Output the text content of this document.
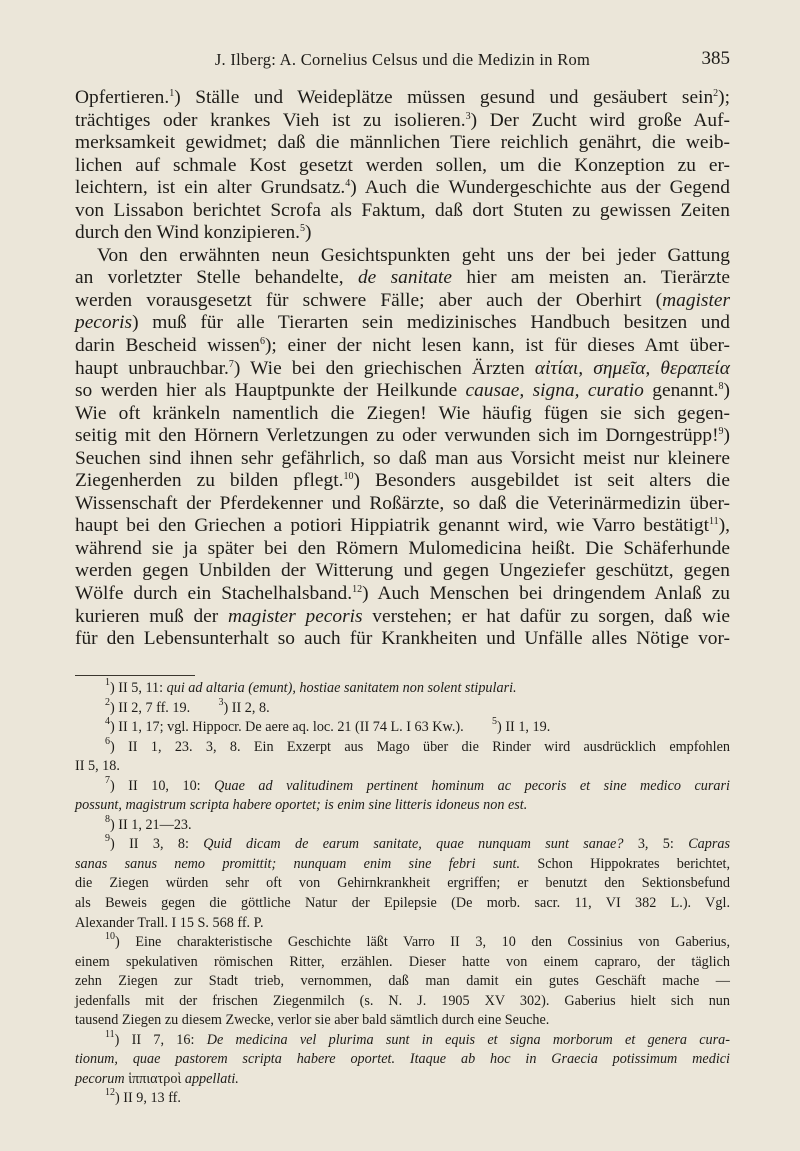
J. Ilberg: A. Cornelius Celsus und die Medizin in Rom	385
Opfertieren.$^1$) Ställe und Weideplätze müssen gesund und gesäubert sein$^2$);
trächtiges oder krankes Vieh ist zu isolieren.$^3$) Der Zucht wird große Auf-
merksamkeit gewidmet; daß die männlichen Tiere reichlich genährt, die weib-
lichen auf schmale Kost gesetzt werden sollen, um die Konzeption zu er-
leichtern, ist ein alter Grundsatz.$^4$) Auch die Wundergeschichte aus der Gegend
von Lissabon berichtet Scrofa als Faktum, daß dort Stuten zu gewissen Zeiten
durch den Wind konzipieren.$^5$)
Von den erwähnten neun Gesichtspunkten geht uns der bei jeder Gattung
an vorletzter Stelle behandelte, de sanitate hier am meisten an. Tierärzte
werden vorausgesetzt für schwere Fälle; aber auch der Oberhirt (magister
pecoris) muß für alle Tierarten sein medizinisches Handbuch besitzen und
darin Bescheid wissen$^6$); einer der nicht lesen kann, ist für dieses Amt über-
haupt unbrauchbar.$^7$) Wie bei den griechischen Ärzten αἰτίαι, σημεῖα, θεραπεία
so werden hier als Hauptpunkte der Heilkunde causae, signa, curatio genannt.$^8$)
Wie oft kränkeln namentlich die Ziegen! Wie häufig fügen sie sich gegen-
seitig mit den Hörnern Verletzungen zu oder verwunden sich im Dorngestrüpp!$^9$)
Seuchen sind ihnen sehr gefährlich, so daß man aus Vorsicht meist nur kleinere
Ziegenherden zu bilden pflegt.$^{10}$) Besonders ausgebildet ist seit alters die
Wissenschaft der Pferdekenner und Roßärzte, so daß die Veterinärmedizin über-
haupt bei den Griechen a potiori Hippiatrik genannt wird, wie Varro bestätigt$^{11}$),
während sie ja später bei den Römern Mulomedicina heißt. Die Schäferhunde
werden gegen Unbilden der Witterung und gegen Ungeziefer geschützt, gegen
Wölfe durch ein Stachelhalsband.$^{12}$) Auch Menschen bei dringendem Anlaß zu
kurieren muß der magister pecoris verstehen; er hat dafür zu sorgen, daß wie
für den Lebensunterhalt so auch für Krankheiten und Unfälle alles Nötige vor-
$^1$) II 5, 11: qui ad altaria (emunt), hostiae sanitatem non solent stipulari.
$^2$) II 2, 7 ff. 19.  	$^3$) II 2, 8.
$^4$) II 1, 17; vgl. Hippocr. De aere aq. loc. 21 (II 74 L. I 63 Kw.).  	$^5$) II 1, 19.
$^6$) II 1, 23. 3, 8. Ein Exzerpt aus Mago über die Rinder wird ausdrücklich empfohlen
II 5, 18.
$^7$) II 10, 10: Quae ad valitudinem pertinent hominum ac pecoris et sine medico curari
possunt, magistrum scripta habere oportet; is enim sine litteris idoneus non est.
$^8$) II 1, 21—23.
$^9$) II 3, 8: Quid dicam de earum sanitate, quae nunquam sunt sanae? 3, 5: Capras
sanas sanus nemo promittit; nunquam enim sine febri sunt. Schon Hippokrates berichtet,
die Ziegen würden sehr oft von Gehirnkrankheit ergriffen; er benutzt den Sektionsbefund
als Beweis gegen die göttliche Natur der Epilepsie (De morb. sacr. 11, VI 382 L.). Vgl.
Alexander Trall. I 15 S. 568 ff. P.
$^{10}$) Eine charakteristische Geschichte läßt Varro II 3, 10 den Cossinius von Gaberius,
einem spekulativen römischen Ritter, erzählen. Dieser hatte von einem capraro, der täglich
zehn Ziegen zur Stadt trieb, vernommen, daß man damit ein gutes Geschäft mache —
jedenfalls mit der frischen Ziegenmilch (s. N. J. 1905 XV 302). Gaberius hielt sich nun
tausend Ziegen zu diesem Zwecke, verlor sie aber bald sämtlich durch eine Seuche.
$^{11}$) II 7, 16: De medicina vel plurima sunt in equis et signa morborum et genera cura-
tionum, quae pastorem scripta habere oportet. Itaque ab hoc in Graecia potissimum medici
pecorum ἱππιατροὶ appellati.
$^{12}$) II 9, 13 ff.
